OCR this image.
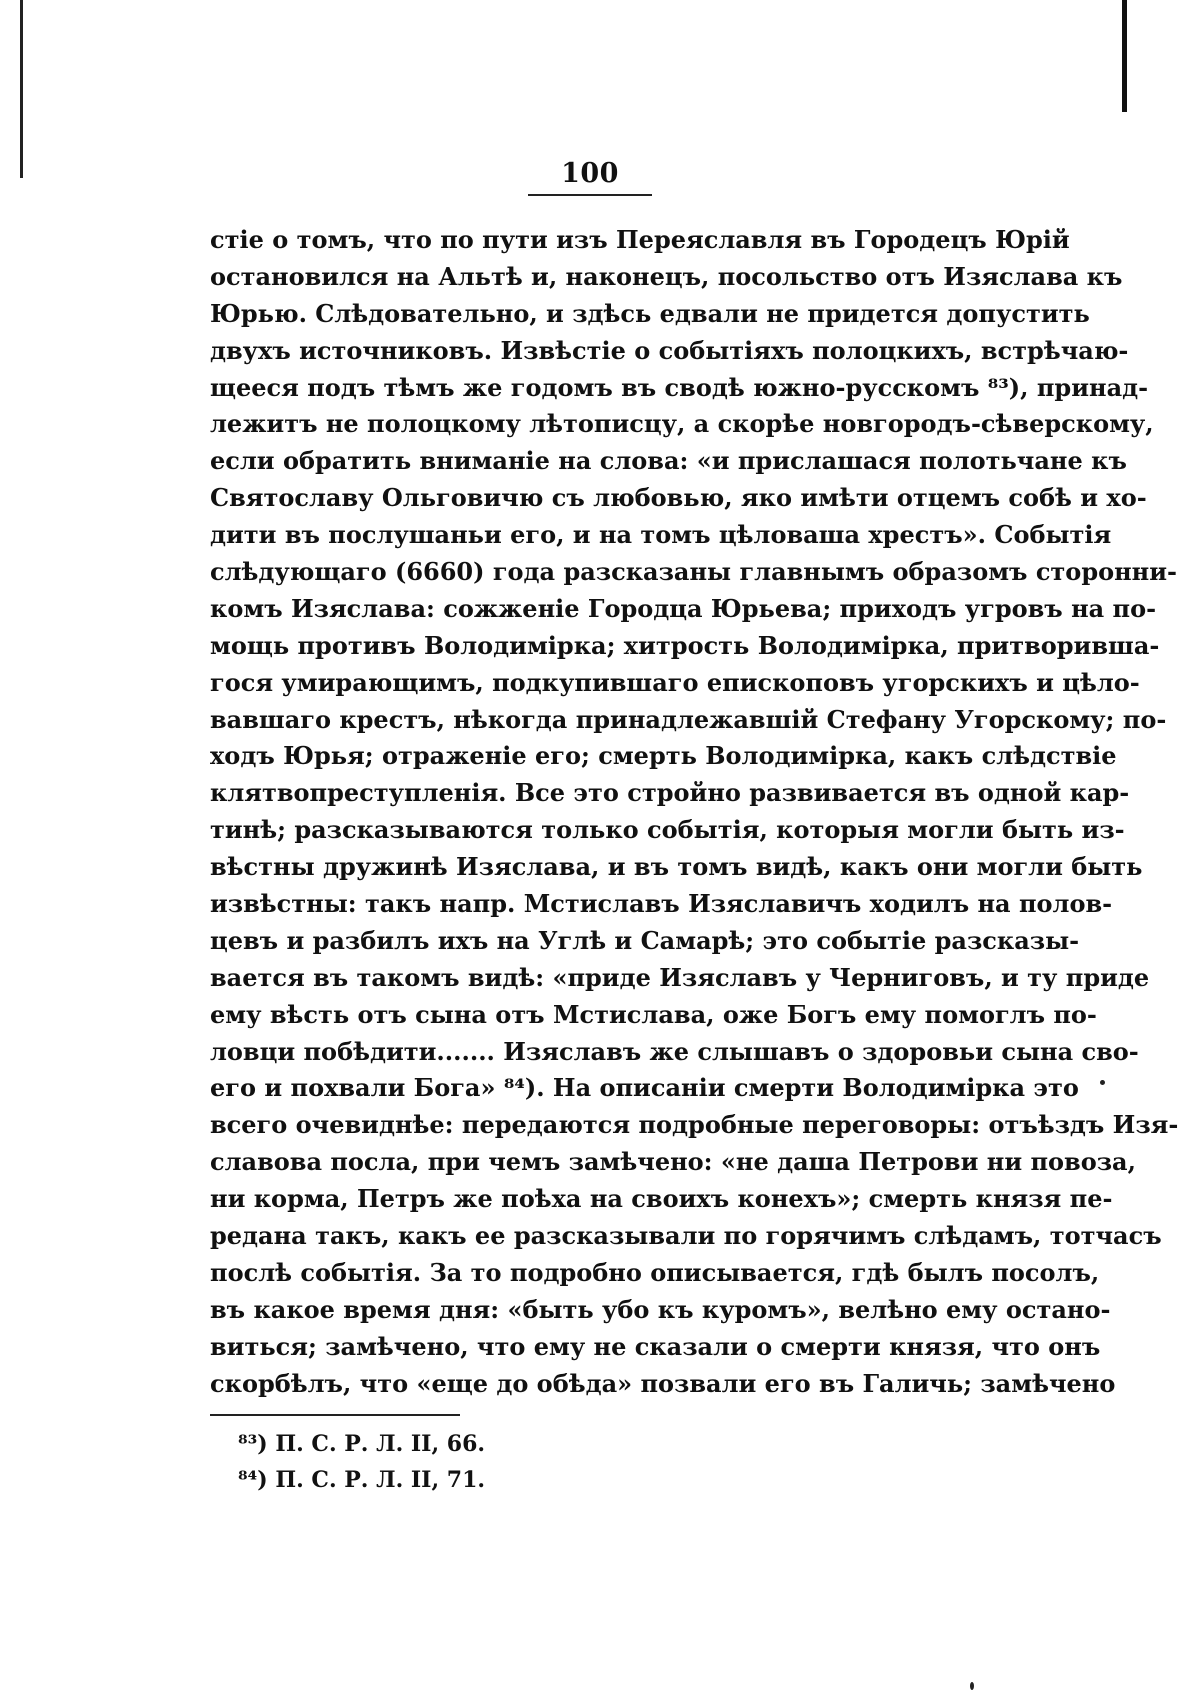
100
стіе о томъ, что по пути изъ Переяславля въ Городецъ Юрій
остановился на Альтѣ и, наконецъ, посольство отъ Изяслава къ
Юрью. Слѣдовательно, и здѣсь едвали не придется допустить
двухъ источниковъ. Извѣстіе о событіяхъ полоцкихъ, встрѣчаю-
щееся подъ тѣмъ же годомъ въ сводѣ южно-русскомъ ⁸³), принад-
лежитъ не полоцкому лѣтописцу, а скорѣе новгородъ-сѣверскому,
если обратить вниманіе на слова: «и прислашася полотьчане къ
Святославу Ольговичю съ любовью, яко имѣти отцемъ собѣ и хо-
дити въ послушаньи его, и на томъ цѣловаша хрестъ». Событія
слѣдующаго (6660) года разсказаны главнымъ образомъ сторонни-
комъ Изяслава: сожженіе Городца Юрьева; приходъ угровъ на по-
мощь противъ Володимірка; хитрость Володимірка, притворивша-
гося умирающимъ, подкупившаго епископовъ угорскихъ и цѣло-
вавшаго крестъ, нѣкогда принадлежавшій Стефану Угорскому; по-
ходъ Юрья; отраженіе его; смерть Володимірка, какъ слѣдствіе
клятвопреступленія. Все это стройно развивается въ одной кар-
тинѣ; разсказываются только событія, которыя могли быть из-
вѣстны дружинѣ Изяслава, и въ томъ видѣ, какъ они могли быть
извѣстны: такъ напр. Мстиславъ Изяславичъ ходилъ на полов-
цевъ и разбилъ ихъ на Углѣ и Самарѣ; это событіе разсказы-
вается въ такомъ видѣ: «приде Изяславъ у Черниговъ, и ту приде
ему вѣсть отъ сына отъ Мстислава, оже Богъ ему помоглъ по-
ловци побѣдити....... Изяславъ же слышавъ о здоровьи сына сво-
его и похвали Бога» ⁸⁴). На описаніи смерти Володимірка это
всего очевиднѣе: передаются подробные переговоры: отъѣздъ Изя-
славова посла, при чемъ замѣчено: «не даша Петрови ни повоза,
ни корма, Петръ же поѣха на своихъ конехъ»; смерть князя пе-
редана такъ, какъ ее разсказывали по горячимъ слѣдамъ, тотчасъ
послѣ событія. За то подробно описывается, гдѣ былъ посолъ,
въ какое время дня: «быть убо къ куромъ», велѣно ему остано-
виться; замѣчено, что ему не сказали о смерти князя, что онъ
скорбѣлъ, что «еще до обѣда» позвали его въ Галичь; замѣчено
⁸³) П. С. Р. Л. II, 66.
⁸⁴) П. С. Р. Л. II, 71.
